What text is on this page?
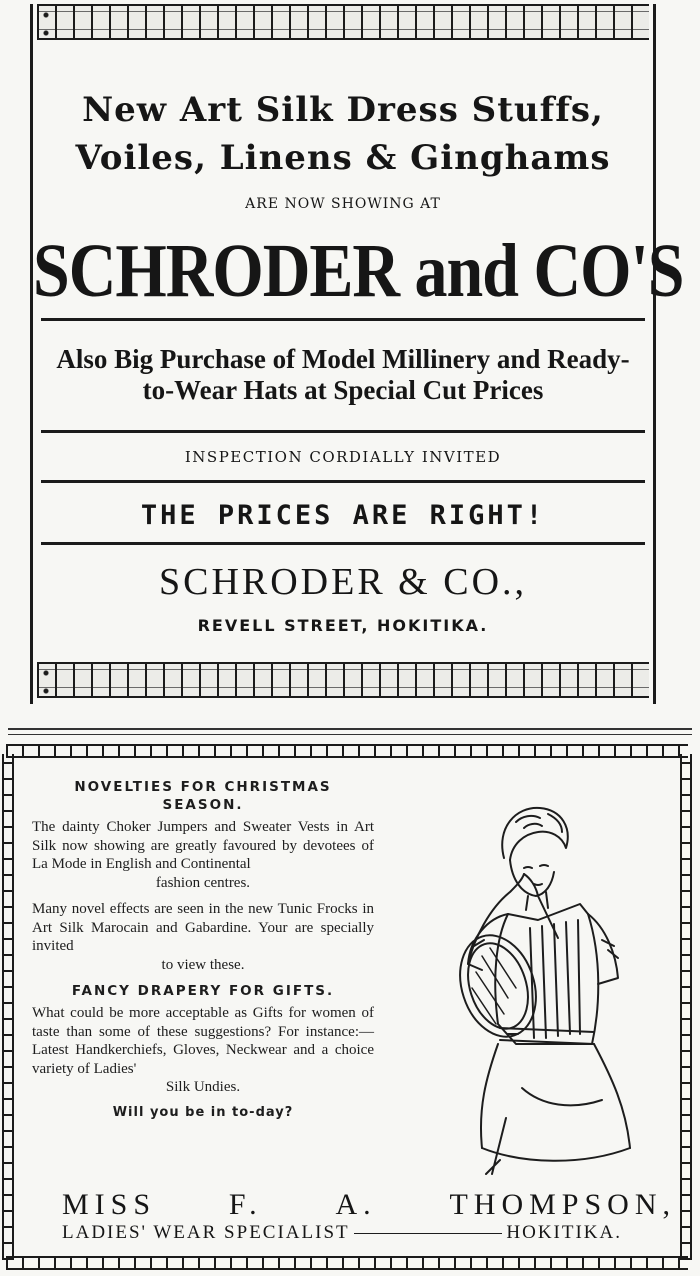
New Art Silk Dress Stuffs,
Voiles, Linens & Ginghams
ARE NOW SHOWING AT
SCHRODER and CO'S
Also Big Purchase of Model Millinery and Ready-to-Wear Hats at Special Cut Prices
INSPECTION CORDIALLY INVITED
THE PRICES ARE RIGHT!
SCHRODER & CO.,
REVELL STREET, HOKITIKA.
NOVELTIES FOR CHRISTMAS SEASON.
The dainty Choker Jumpers and Sweater Vests in Art Silk now showing are greatly favoured by devotees of La Mode in English and Continental
fashion centres.
Many novel effects are seen in the new Tunic Frocks in Art Silk Marocain and Gabardine. Your are specially invited
to view these.
FANCY DRAPERY FOR GIFTS.
What could be more acceptable as Gifts for women of taste than some of these suggestions? For instance:—Latest Handkerchiefs, Gloves, Neckwear and a choice variety of Ladies'
Silk Undies.
Will you be in to-day?
MISS F. A. THOMPSON,
LADIES' WEAR SPECIALIST	HOKITIKA.
